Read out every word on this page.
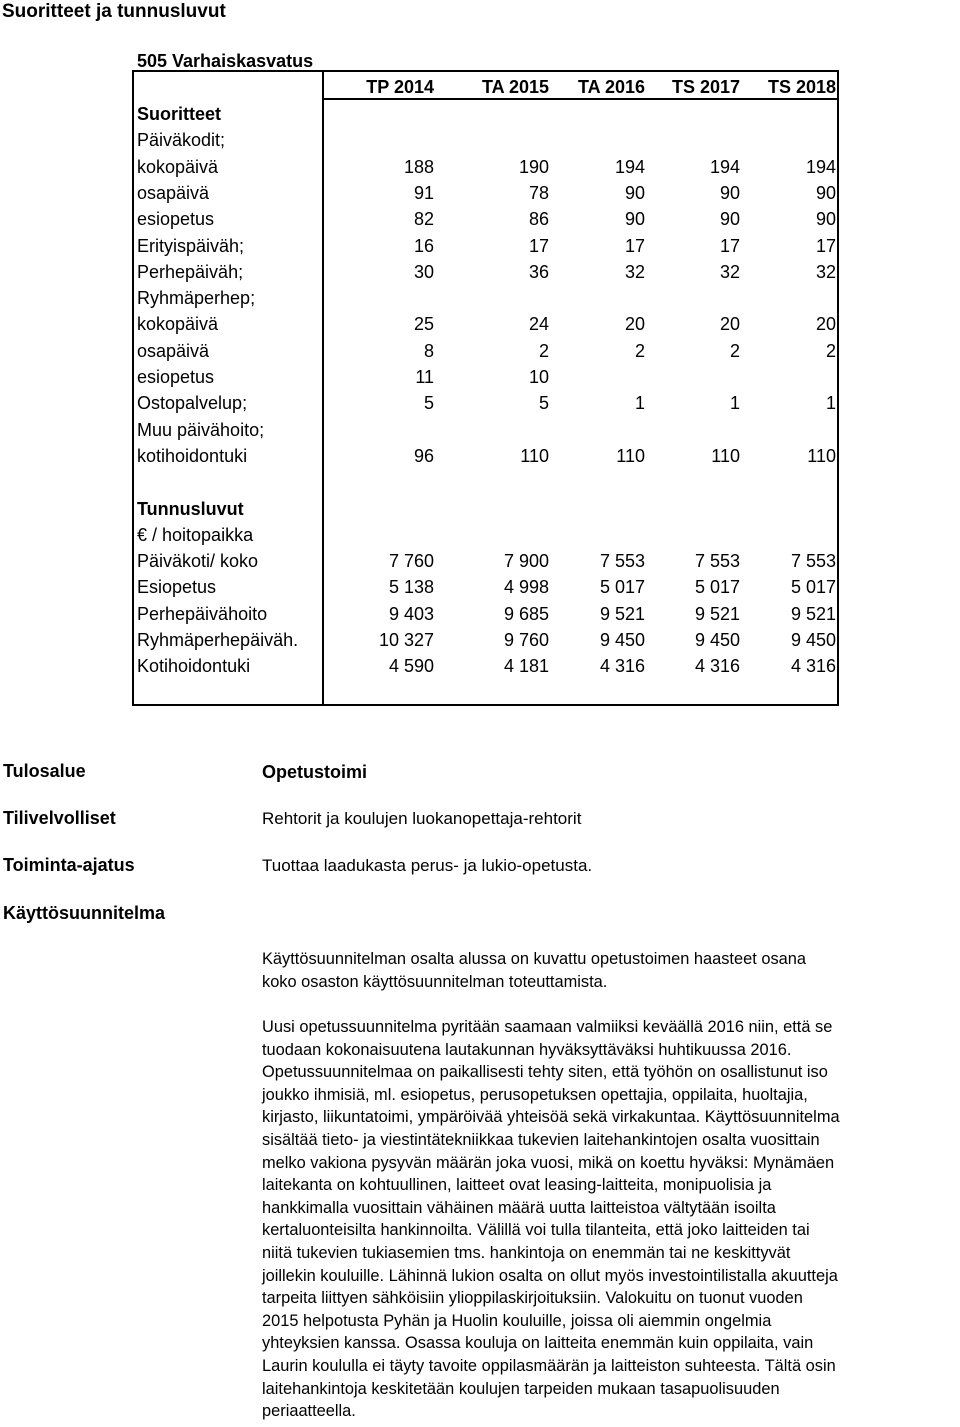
Suoritteet ja tunnusluvut
505 Varhaiskasvatus
TP 2014	TA 2015	TA 2016	TS 2017	TS 2018
Suoritteet
Päiväkodit;
kokopäivä	188	190	194	194	194
osapäivä	91	78	90	90	90
esiopetus	82	86	90	90	90
Erityispäiväh;	16	17	17	17	17
Perhepäiväh;	30	36	32	32	32
Ryhmäperhep;
kokopäivä	25	24	20	20	20
osapäivä	8	2	2	2	2
esiopetus	11	10
Ostopalvelup;	5	5	1	1	1
Muu päivähoito;
kotihoidontuki	96	110	110	110	110
Tunnusluvut
€ / hoitopaikka
Päiväkoti/ koko	7 760	7 900	7 553	7 553	7 553
Esiopetus	5 138	4 998	5 017	5 017	5 017
Perhepäivähoito	9 403	9 685	9 521	9 521	9 521
Ryhmäperhepäiväh.	10 327	9 760	9 450	9 450	9 450
Kotihoidontuki	4 590	4 181	4 316	4 316	4 316
Tulosalue	Opetustoimi
Tilivelvolliset	Rehtorit ja koulujen luokanopettaja-rehtorit
Toiminta-ajatus	Tuottaa laadukasta perus- ja lukio-opetusta.
Käyttösuunnitelma
Käyttösuunnitelman osalta alussa on kuvattu opetustoimen haasteet osana
koko osaston käyttösuunnitelman toteuttamista.
Uusi opetussuunnitelma pyritään saamaan valmiiksi keväällä 2016 niin, että se
tuodaan kokonaisuutena lautakunnan hyväksyttäväksi huhtikuussa 2016.
Opetussuunnitelmaa on paikallisesti tehty siten, että työhön on osallistunut iso
joukko ihmisiä, ml. esiopetus, perusopetuksen opettajia, oppilaita, huoltajia,
kirjasto, liikuntatoimi, ympäröivää yhteisöä sekä virkakuntaa. Käyttösuunnitelma
sisältää tieto- ja viestintätekniikkaa tukevien laitehankintojen osalta vuosittain
melko vakiona pysyvän määrän joka vuosi, mikä on koettu hyväksi: Mynämäen
laitekanta on kohtuullinen, laitteet ovat leasing-laitteita, monipuolisia ja
hankkimalla vuosittain vähäinen määrä uutta laitteistoa vältytään isoilta
kertaluonteisilta hankinnoilta. Välillä voi tulla tilanteita, että joko laitteiden tai
niitä tukevien tukiasemien tms. hankintoja on enemmän tai ne keskittyvät
joillekin kouluille. Lähinnä lukion osalta on ollut myös investointilistalla akuutteja
tarpeita liittyen sähköisiin ylioppilaskirjoituksiin. Valokuitu on tuonut vuoden
2015 helpotusta Pyhän ja Huolin kouluille, joissa oli aiemmin ongelmia
yhteyksien kanssa. Osassa kouluja on laitteita enemmän kuin oppilaita, vain
Laurin koululla ei täyty tavoite oppilasmäärän ja laitteiston suhteesta. Tältä osin
laitehankintoja keskitetään koulujen tarpeiden mukaan tasapuolisuuden
periaatteella.
